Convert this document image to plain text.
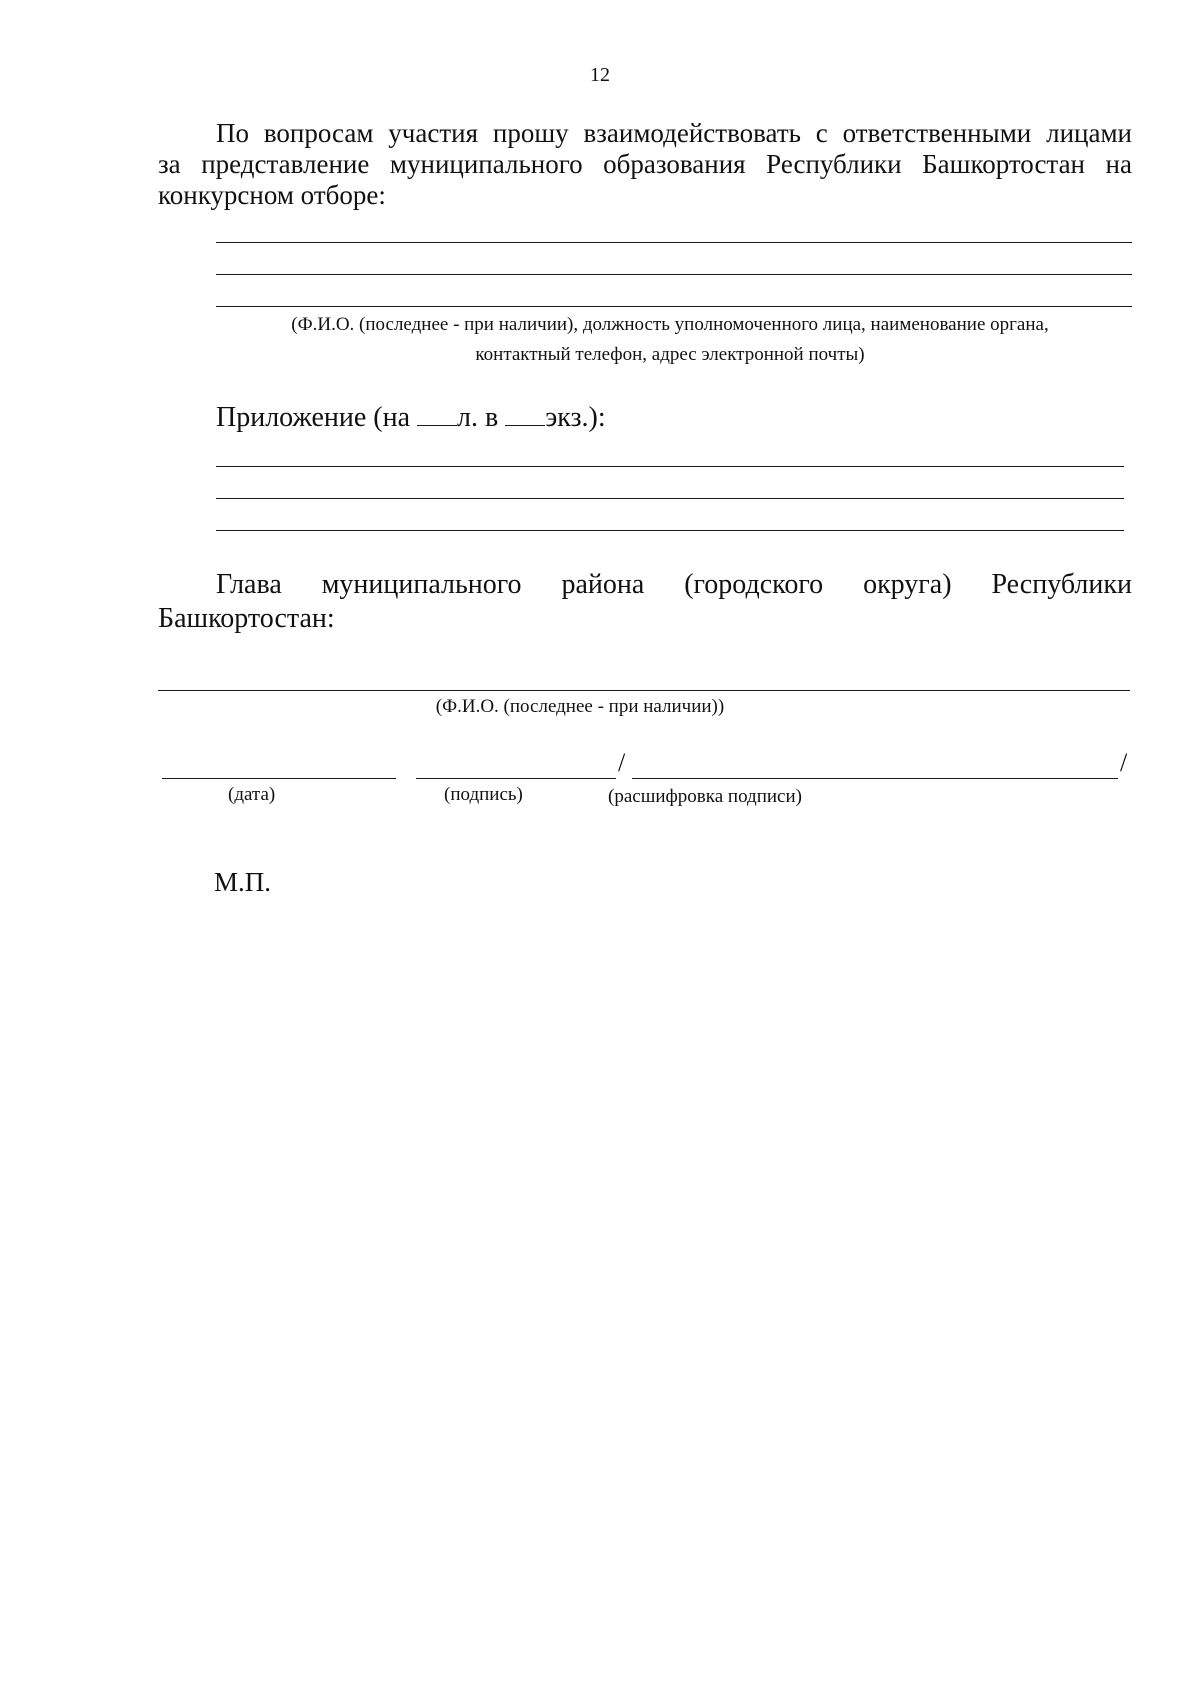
12
По вопросам участия прошу взаимодействовать с ответственными лицами
за представление муниципального образования Республики Башкортостан на
конкурсном отборе:
(Ф.И.О. (последнее - при наличии), должность уполномоченного лица, наименование органа,
контактный телефон, адрес электронной почты)
Приложение (на л. в экз.):
Глава муниципального района (городского округа) Республики
Башкортостан:
(Ф.И.О. (последнее - при наличии))
/	/
(дата)	(подпись)	(расшифровка подписи)
М.П.
